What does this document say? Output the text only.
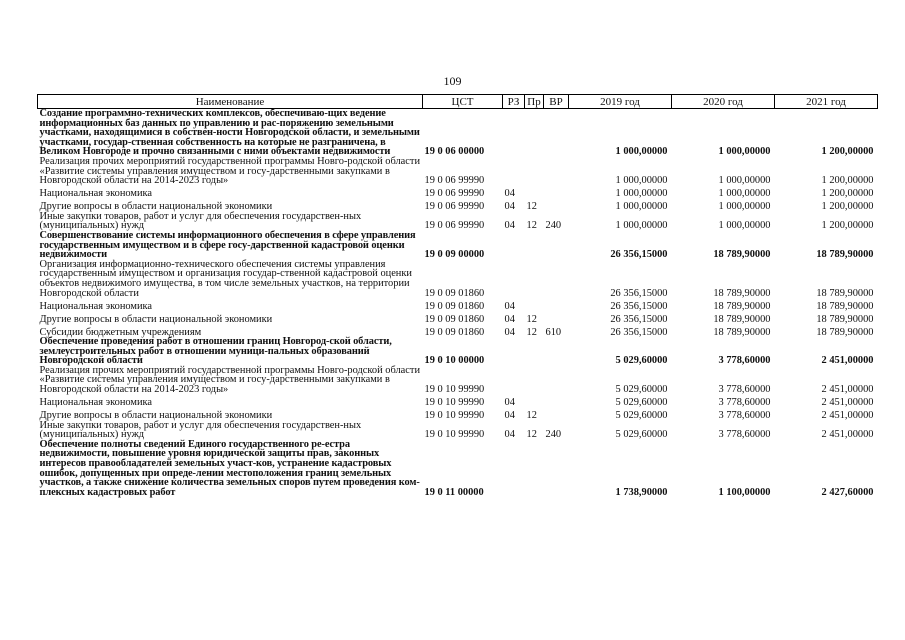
109
Наименование	ЦСТ	РЗ	Пр	ВР	2019 год	2020 год	2021 год
Создание программно-технических комплексов, обеспечиваю-щих ведение информационных баз данных по управлению и рас-поряжению земельными участками, находящимися в собствен-ности Новгородской области, и земельными участками, государ-ственная собственность на которые не разграничена, в Великом Новгороде и прочно связанными с ними объектами недвижимости	19 0 06 00000				1 000,00000	1 000,00000	1 200,00000
Реализация прочих мероприятий государственной программы Новго-родской области «Развитие системы управления имуществом и госу-дарственными закупками в Новгородской области на 2014-2023 годы»	19 0 06 99990				1 000,00000	1 000,00000	1 200,00000
Национальная экономика	19 0 06 99990	04			1 000,00000	1 000,00000	1 200,00000
Другие вопросы в области национальной экономики	19 0 06 99990	04	12		1 000,00000	1 000,00000	1 200,00000
Иные закупки товаров, работ и услуг для обеспечения государствен-ных (муниципальных) нужд	19 0 06 99990	04	12	240	1 000,00000	1 000,00000	1 200,00000
Совершенствование системы информационного обеспечения в сфере управления государственным имуществом и в сфере госу-дарственной кадастровой оценки недвижимости	19 0 09 00000				26 356,15000	18 789,90000	18 789,90000
Организация информационно-технического обеспечения системы управления государственным имуществом и организация государ-ственной кадастровой оценки объектов недвижимого имущества, в том числе земельных участков, на территории Новгородской области	19 0 09 01860				26 356,15000	18 789,90000	18 789,90000
Национальная экономика	19 0 09 01860	04			26 356,15000	18 789,90000	18 789,90000
Другие вопросы в области национальной экономики	19 0 09 01860	04	12		26 356,15000	18 789,90000	18 789,90000
Субсидии бюджетным учреждениям	19 0 09 01860	04	12	610	26 356,15000	18 789,90000	18 789,90000
Обеспечение проведения работ в отношении границ Новгород-ской области, землеустроительных работ в отношении муници-пальных образований Новгородской области	19 0 10 00000				5 029,60000	3 778,60000	2 451,00000
Реализация прочих мероприятий государственной программы Новго-родской области «Развитие системы управления имуществом и госу-дарственными закупками в Новгородской области на 2014-2023 годы»	19 0 10 99990				5 029,60000	3 778,60000	2 451,00000
Национальная экономика	19 0 10 99990	04			5 029,60000	3 778,60000	2 451,00000
Другие вопросы в области национальной экономики	19 0 10 99990	04	12		5 029,60000	3 778,60000	2 451,00000
Иные закупки товаров, работ и услуг для обеспечения государствен-ных (муниципальных) нужд	19 0 10 99990	04	12	240	5 029,60000	3 778,60000	2 451,00000
Обеспечение полноты сведений Единого государственного ре-естра недвижимости, повышение уровня юридической защиты прав, законных интересов правообладателей земельных участ-ков, устранение кадастровых ошибок, допущенных при опреде-лении местоположения границ земельных участков, а также снижение количества земельных споров путем проведения ком-плексных кадастровых работ	19 0 11 00000				1 738,90000	1 100,00000	2 427,60000
